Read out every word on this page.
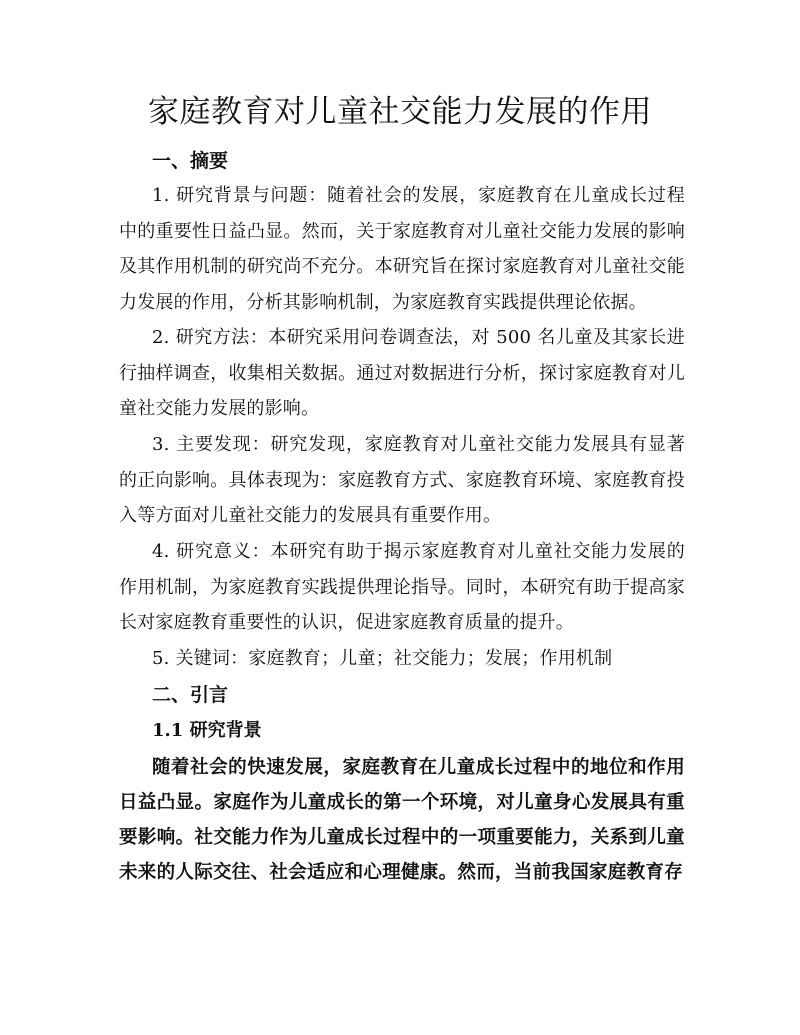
家庭教育对儿童社交能力发展的作用
一、摘要

1. 研究背景与问题：随着社会的发展，家庭教育在儿童成长过程中的重要性日益凸显。然而，关于家庭教育对儿童社交能力发展的影响及其作用机制的研究尚不充分。本研究旨在探讨家庭教育对儿童社交能力发展的作用，分析其影响机制，为家庭教育实践提供理论依据。

2. 研究方法：本研究采用问卷调查法，对 500 名儿童及其家长进行抽样调查，收集相关数据。通过对数据进行分析，探讨家庭教育对儿童社交能力发展的影响。

3. 主要发现：研究发现，家庭教育对儿童社交能力发展具有显著的正向影响。具体表现为：家庭教育方式、家庭教育环境、家庭教育投入等方面对儿童社交能力的发展具有重要作用。

4. 研究意义：本研究有助于揭示家庭教育对儿童社交能力发展的作用机制，为家庭教育实践提供理论指导。同时，本研究有助于提高家长对家庭教育重要性的认识，促进家庭教育质量的提升。

5. 关键词：家庭教育；儿童；社交能力；发展；作用机制

二、引言
1.1 研究背景

随着社会的快速发展，家庭教育在儿童成长过程中的地位和作用日益凸显。家庭作为儿童成长的第一个环境，对儿童身心发展具有重要影响。社交能力作为儿童成长过程中的一项重要能力，关系到儿童未来的人际交往、社会适应和心理健康。然而，当前我国家庭教育存
